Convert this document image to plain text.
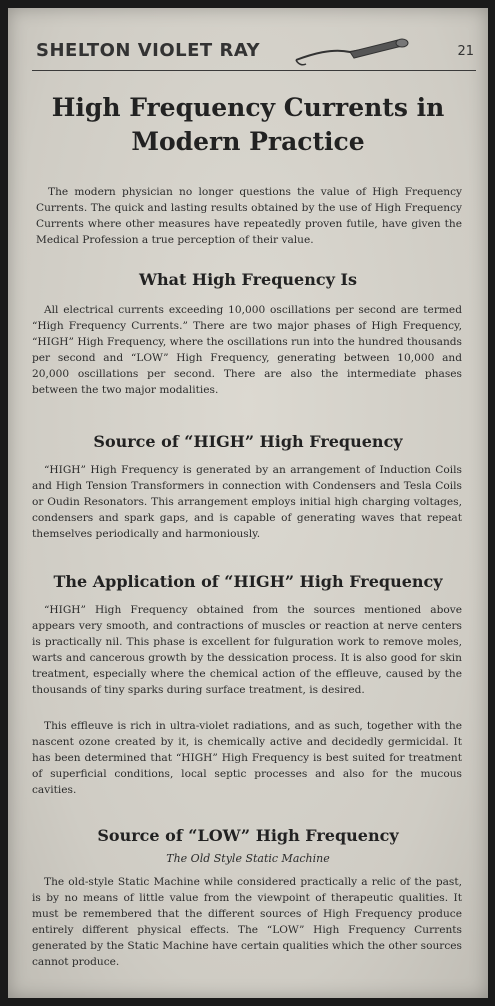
SHELTON VIOLET RAY	21
High Frequency Currents in
Modern Practice

The modern physician no longer questions the value of High Frequency Currents. The quick and lasting results obtained by the use of High Frequency Currents where other measures have repeatedly proven futile, have given the Medical Profession a true perception of their value.

What High Frequency Is

All electrical currents exceeding 10,000 oscillations per second are termed “High Frequency Currents.” There are two major phases of High Frequency, “HIGH” High Frequency, where the oscillations run into the hundred thousands per second and “LOW” High Frequency, generating between 10,000 and 20,000 oscillations per second. There are also the intermediate phases between the two major modalities.

Source of “HIGH” High Frequency

“HIGH” High Frequency is generated by an arrangement of Induction Coils and High Tension Transformers in connection with Condensers and Tesla Coils or Oudin Resonators. This arrangement employs initial high charging voltages, condensers and spark gaps, and is capable of generating waves that repeat themselves periodically and harmoniously.

The Application of “HIGH” High Frequency

“HIGH” High Frequency obtained from the sources mentioned above appears very smooth, and contractions of muscles or reaction at nerve centers is practically nil. This phase is excellent for fulguration work to remove moles, warts and cancerous growth by the dessication process. It is also good for skin treatment, especially where the chemical action of the effleuve, caused by the thousands of tiny sparks during surface treatment, is desired.

This effleuve is rich in ultra-violet radiations, and as such, together with the nascent ozone created by it, is chemically active and decidedly germicidal. It has been determined that “HIGH” High Frequency is best suited for treatment of superficial conditions, local septic processes and also for the mucous cavities.

Source of “LOW” High Frequency
The Old Style Static Machine

The old-style Static Machine while considered practically a relic of the past, is by no means of little value from the viewpoint of therapeutic qualities. It must be remembered that the different sources of High Frequency produce entirely different physical effects. The “LOW” High Frequency Currents generated by the Static Machine have certain qualities which the other sources cannot produce.
